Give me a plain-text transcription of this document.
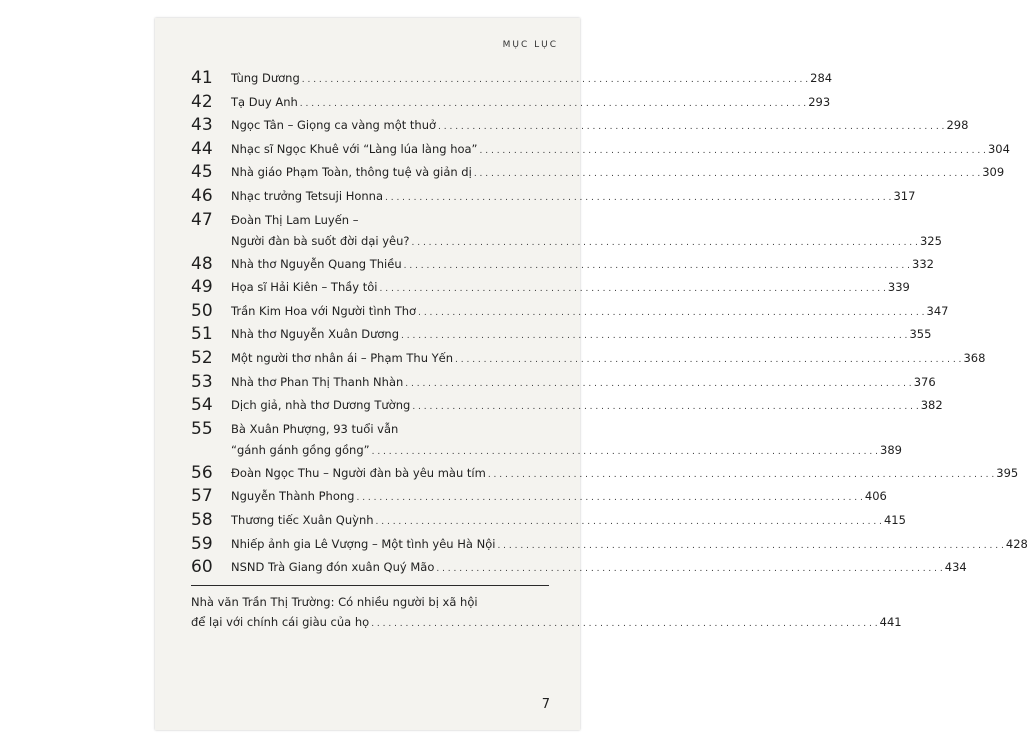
MỤC LỤC
41	Tùng Dương . . .	284
42	Tạ Duy Anh . . .	293
43	Ngọc Tân – Giọng ca vàng một thuở . . .	298
44	Nhạc sĩ Ngọc Khuê với “Làng lúa làng hoa” . . .	304
45	Nhà giáo Phạm Toàn, thông tuệ và giản dị . . .	309
46	Nhạc trưởng Tetsuji Honna . . .	317
47	Đoàn Thị Lam Luyến –
Người đàn bà suốt đời dại yêu? . . .	325
48	Nhà thơ Nguyễn Quang Thiều . . .	332
49	Họa sĩ Hải Kiên – Thầy tôi . . .	339
50	Trần Kim Hoa với Người tình Thơ . . .	347
51	Nhà thơ Nguyễn Xuân Dương . . .	355
52	Một người thơ nhân ái – Phạm Thu Yến . . .	368
53	Nhà thơ Phan Thị Thanh Nhàn . . .	376
54	Dịch giả, nhà thơ Dương Tường . . .	382
55	Bà Xuân Phượng, 93 tuổi vẫn
“gánh gánh gồng gồng” . . .	389
56	Đoàn Ngọc Thu – Người đàn bà yêu màu tím . . .	395
57	Nguyễn Thành Phong . . .	406
58	Thương tiếc Xuân Quỳnh . . .	415
59	Nhiếp ảnh gia Lê Vượng – Một tình yêu Hà Nội . . .	428
60	NSND Trà Giang đón xuân Quý Mão . . .	434
Nhà văn Trần Thị Trường: Có nhiều người bị xã hội
để lại với chính cái giàu của họ . . .	441
7
